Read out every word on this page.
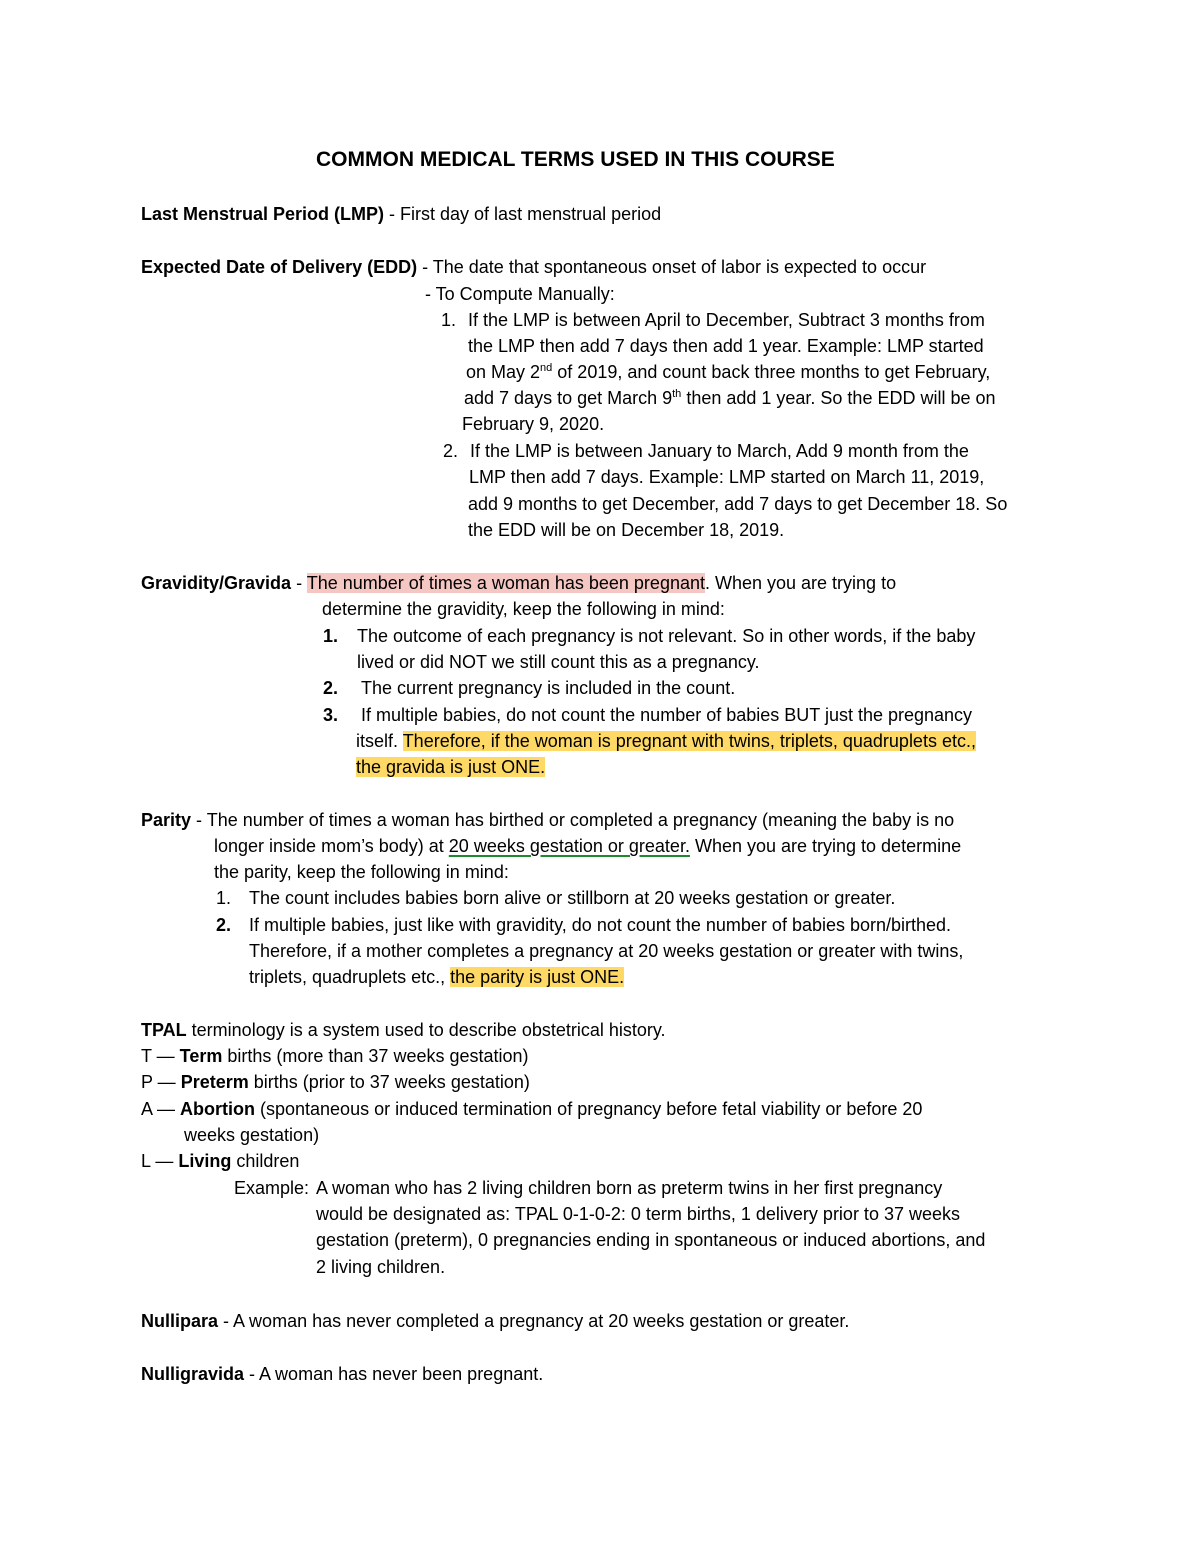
COMMON MEDICAL TERMS USED IN THIS COURSE
Last Menstrual Period (LMP) - First day of last menstrual period
Expected Date of Delivery (EDD) - The date that spontaneous onset of labor is expected to occur
- To Compute Manually:
1. If the LMP is between April to December, Subtract 3 months from
the LMP then add 7 days then add 1 year. Example: LMP started
on May 2nd of 2019, and count back three months to get February,
add 7 days to get March 9th then add 1 year. So the EDD will be on
February 9, 2020.
2. If the LMP is between January to March, Add 9 month from the
LMP then add 7 days. Example: LMP started on March 11, 2019,
add 9 months to get December, add 7 days to get December 18. So
the EDD will be on December 18, 2019.
Gravidity/Gravida - The number of times a woman has been pregnant. When you are trying to
determine the gravidity, keep the following in mind:
1. The outcome of each pregnancy is not relevant. So in other words, if the baby
lived or did NOT we still count this as a pregnancy.
2. The current pregnancy is included in the count.
3. If multiple babies, do not count the number of babies BUT just the pregnancy
itself. Therefore, if the woman is pregnant with twins, triplets, quadruplets etc.,
the gravida is just ONE.
Parity - The number of times a woman has birthed or completed a pregnancy (meaning the baby is no
longer inside mom’s body) at 20 weeks gestation or greater. When you are trying to determine
the parity, keep the following in mind:
1. The count includes babies born alive or stillborn at 20 weeks gestation or greater.
2. If multiple babies, just like with gravidity, do not count the number of babies born/birthed.
Therefore, if a mother completes a pregnancy at 20 weeks gestation or greater with twins,
triplets, quadruplets etc., the parity is just ONE.
TPAL terminology is a system used to describe obstetrical history.
T — Term births (more than 37 weeks gestation)
P — Preterm births (prior to 37 weeks gestation)
A — Abortion (spontaneous or induced termination of pregnancy before fetal viability or before 20
weeks gestation)
L — Living children
Example: A woman who has 2 living children born as preterm twins in her first pregnancy
would be designated as: TPAL 0-1-0-2: 0 term births, 1 delivery prior to 37 weeks
gestation (preterm), 0 pregnancies ending in spontaneous or induced abortions, and
2 living children.
Nullipara - A woman has never completed a pregnancy at 20 weeks gestation or greater.
Nulligravida - A woman has never been pregnant.
